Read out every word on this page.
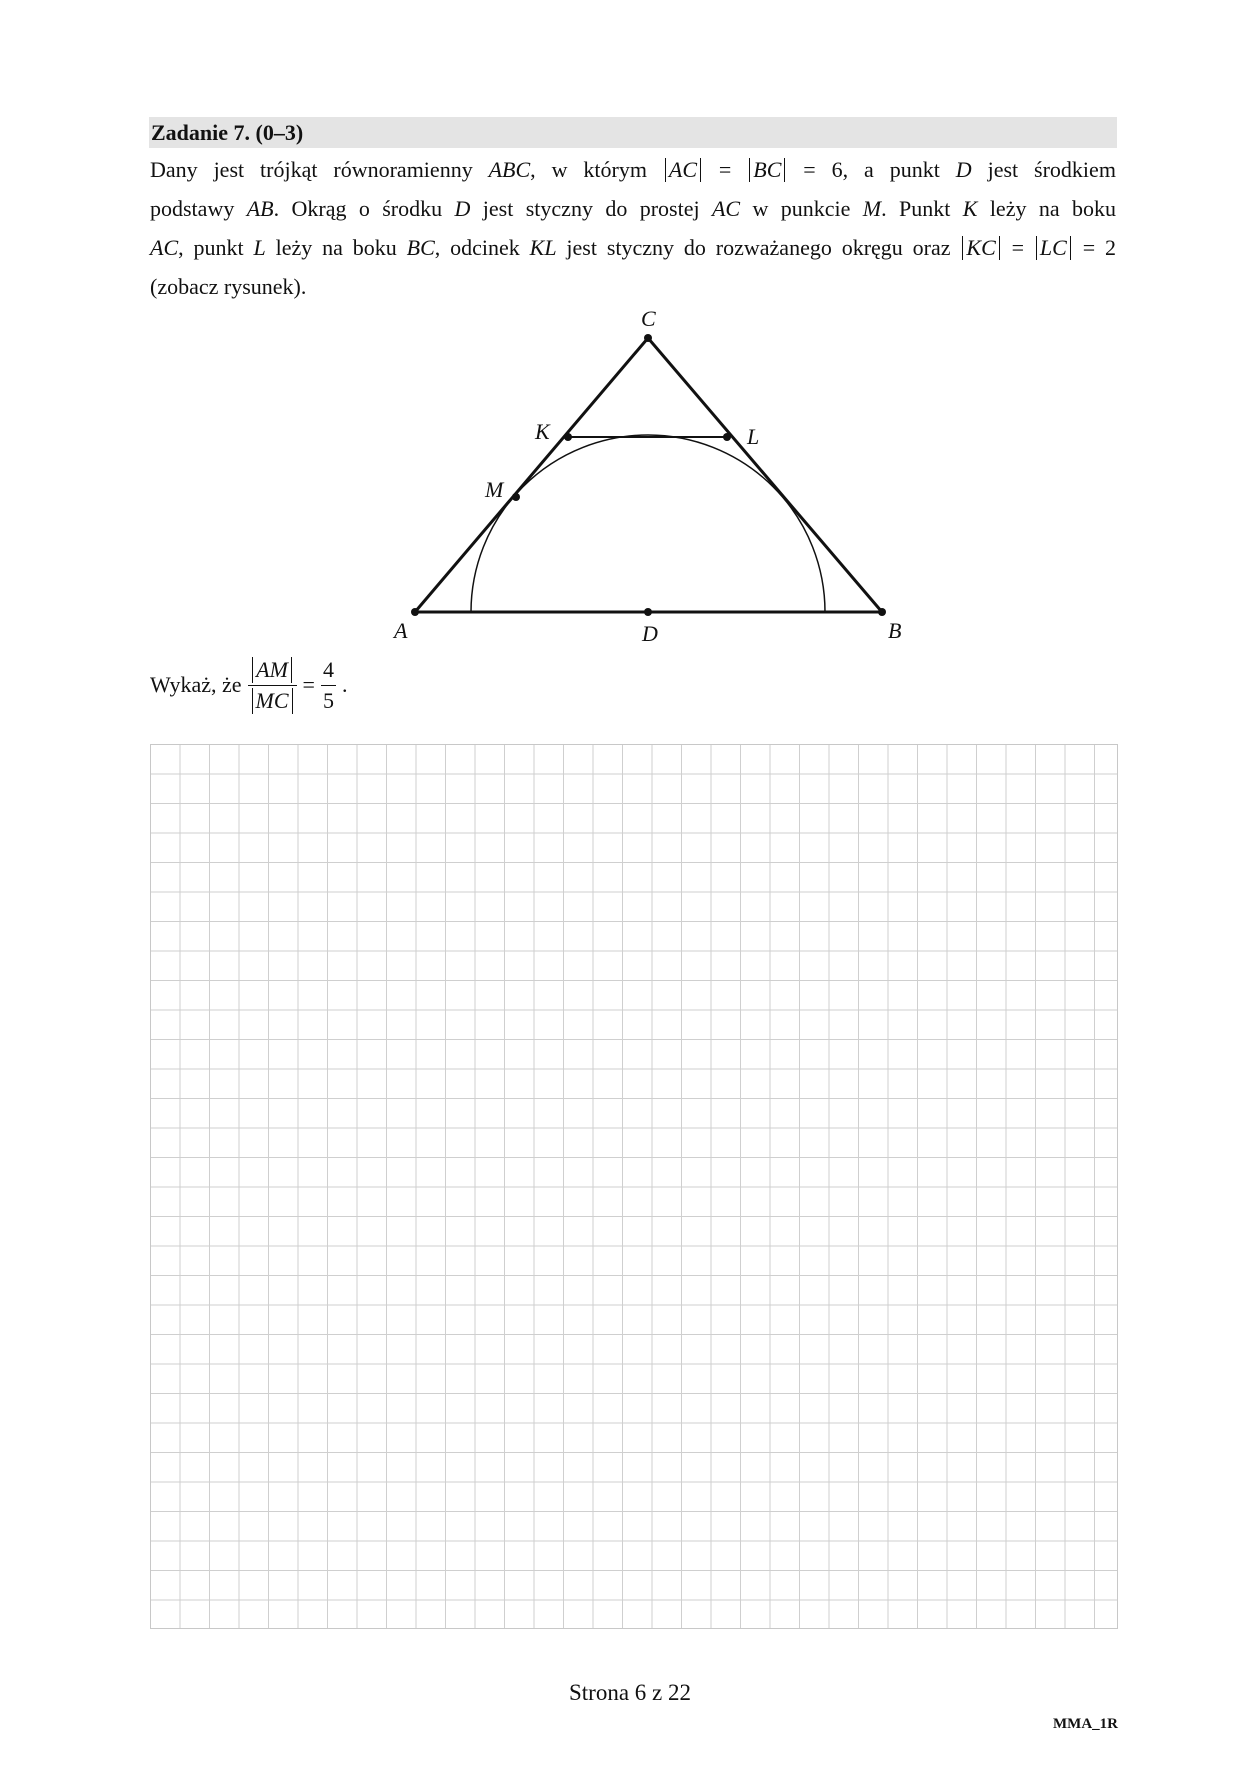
Zadanie 7. (0–3)
Dany jest trójkąt równoramienny ABC, w którym AC = BC = 6, a punkt D jest środkiem
podstawy AB. Okrąg o środku D jest styczny do prostej AC w punkcie M. Punkt K leży na boku
AC, punkt L leży na boku BC, odcinek KL jest styczny do rozważanego okręgu oraz KC = LC = 2
(zobacz rysunek).
A	B
C
D
K	L
M
Wykaż, że $\frac{AM}{MC} = \frac{4}{5}$ .
Strona 6 z 22
MMA_1R
